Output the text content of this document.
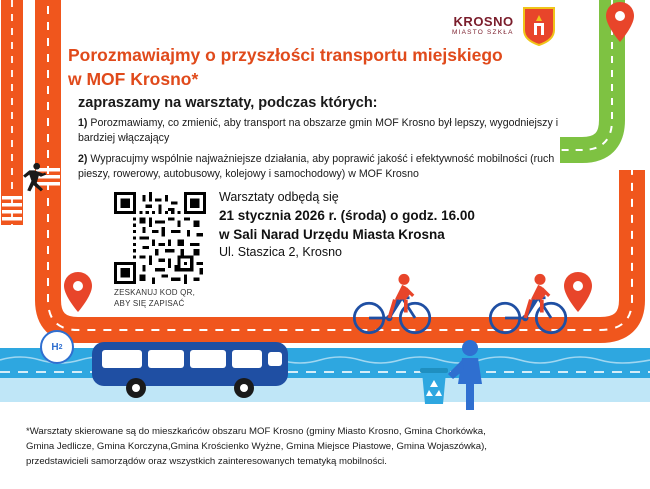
KROSNO
MIASTO SZKŁA
Porozmawiajmy o przyszłości transportu miejskiego
w MOF Krosno*
zapraszamy na warsztaty, podczas których:

1) Porozmawiamy, co zmienić, aby transport na obszarze gmin MOF Krosno był lepszy, wygodniejszy i bardziej włączający

2) Wypracujmy wspólnie najważniejsze działania, aby poprawić jakość i efektywność mobilności (ruch pieszy, rowerowy, autobusowy, kolejowy i samochodowy) w MOF Krosno

ZESKANUJ KOD QR,
ABY SIĘ ZAPISAĆ
Warsztaty odbędą się
21 stycznia 2026 r. (środa) o godz. 16.00
w Sali Narad Urzędu Miasta Krosna
Ul. Staszica 2, Krosno
H 2
*Warsztaty skierowane są do mieszkańców obszaru MOF Krosno (gminy Miasto Krosno, Gmina Chorkówka,
Gmina Jedlicze, Gmina Korczyna,Gmina Krościenko Wyżne, Gmina Miejsce Piastowe, Gmina Wojaszówka),
przedstawicieli samorządów oraz wszystkich zainteresowanych tematyką mobilności.
